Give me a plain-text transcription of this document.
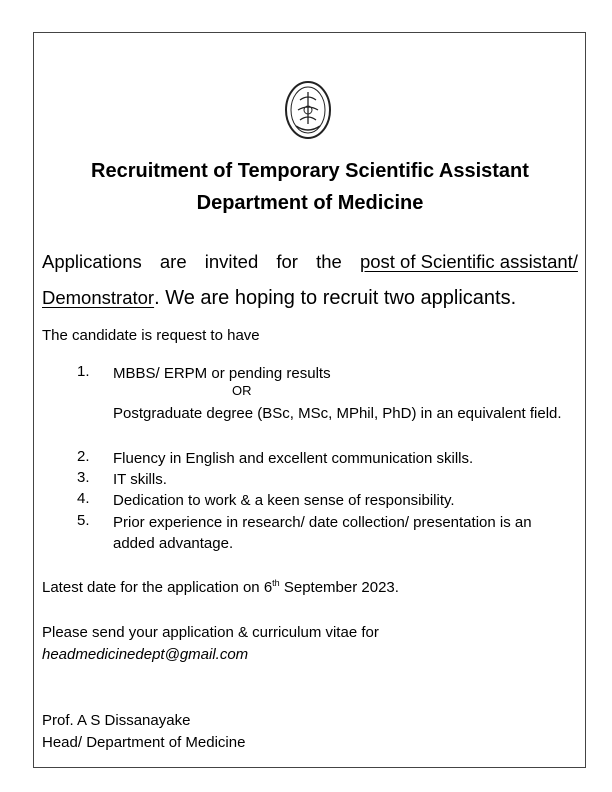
Recruitment of Temporary Scientific Assistant
Department of Medicine
Applications are invited for the post of Scientific assistant/
Demonstrator. We are hoping to recruit two applicants.
The candidate is request to have
1. MBBS/ ERPM or pending results
OR
Postgraduate degree (BSc, MSc, MPhil, PhD) in an equivalent field.
2. Fluency in English and excellent communication skills.
3. IT skills.
4. Dedication to work & a keen sense of responsibility.
5. Prior experience in research/ date collection/ presentation is an added advantage.
Latest date for the application on 6th September 2023.
Please send your application & curriculum vitae for
headmedicinedept@gmail.com
Prof. A S Dissanayake
Head/ Department of Medicine
